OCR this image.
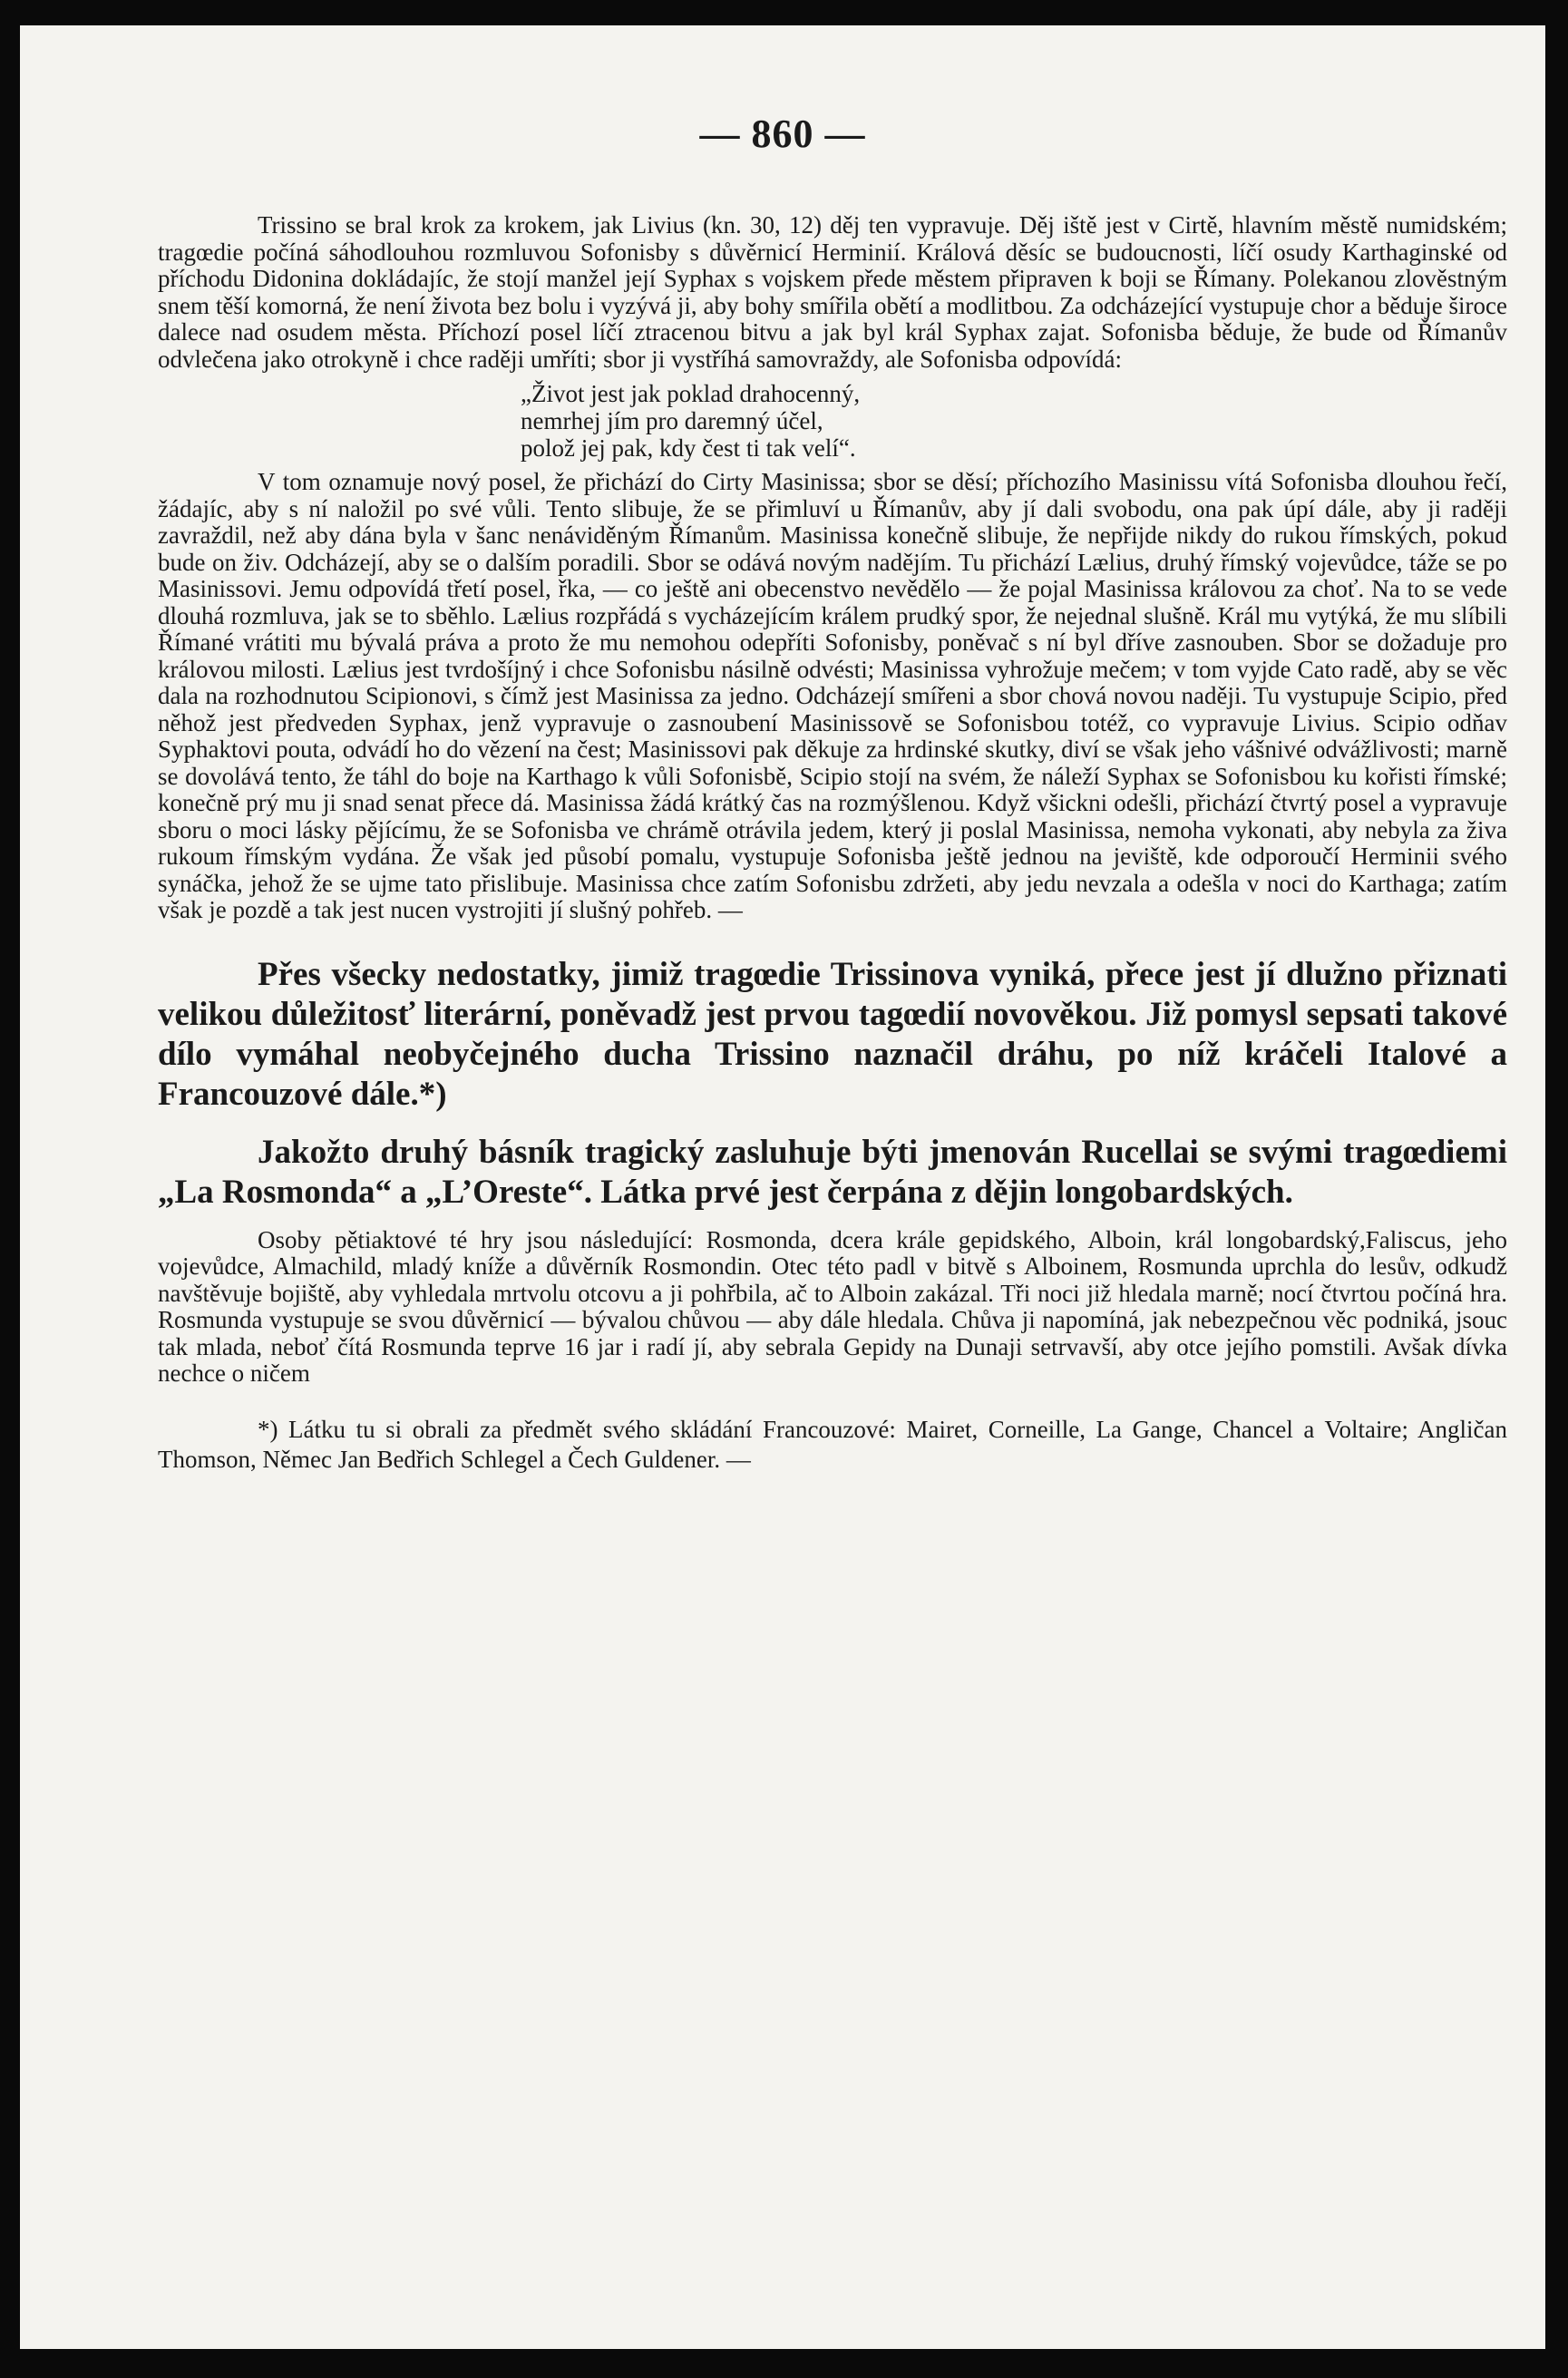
— 860 —

Trissino se bral krok za krokem, jak Livius (kn. 30, 12) děj ten vypravuje. Děj iště jest v Cirtě, hlavním městě numidském; tragœdie počíná sáhodlouhou rozmluvou Sofonisby s důvěrnicí Herminií. Králová děsíc se budoucnosti, líčí osudy Karthaginské od příchodu Didonina dokládajíc, že stojí manžel její Syphax s vojskem přede městem připraven k boji se Římany. Polekanou zlověstným snem těší komorná, že není života bez bolu i vyzývá ji, aby bohy smířila obětí a modlitbou. Za odcházející vystupuje chor a běduje široce dalece nad osudem města. Příchozí posel líčí ztracenou bitvu a jak byl král Syphax zajat. Sofonisba běduje, že bude od Římanův odvlečena jako otrokyně i chce raději umříti; sbor ji vystříhá samovraždy, ale Sofonisba odpovídá:

„Život jest jak poklad drahocenný,
nemrhej jím pro daremný účel,
polož jej pak, kdy čest ti tak velí“.

V tom oznamuje nový posel, že přichází do Cirty Masinissa; sbor se děsí; příchozího Masinissu vítá Sofonisba dlouhou řečí, žádajíc, aby s ní naložil po své vůli. Tento slibuje, že se přimluví u Římanův, aby jí dali svobodu, ona pak úpí dále, aby ji raději zavraždil, než aby dána byla v šanc nenáviděným Římanům. Masinissa konečně slibuje, že nepřijde nikdy do rukou římských, pokud bude on živ. Odcházejí, aby se o dalším poradili. Sbor se odává novým nadějím. Tu přichází Lælius, druhý římský vojevůdce, táže se po Masinissovi. Jemu odpovídá třetí posel, řka, — co ještě ani obecenstvo nevědělo — že pojal Masinissa královou za choť. Na to se vede dlouhá rozmluva, jak se to sběhlo. Lælius rozpřádá s vycházejícím králem prudký spor, že nejednal slušně. Král mu vytýká, že mu slíbili Římané vrátiti mu bývalá práva a proto že mu nemohou odepříti Sofonisby, poněvač s ní byl dříve zasnouben. Sbor se dožaduje pro královou milosti. Lælius jest tvrdošíjný i chce Sofonisbu násilně odvésti; Masinissa vyhrožuje mečem; v tom vyjde Cato radě, aby se věc dala na rozhodnutou Scipionovi, s čímž jest Masinissa za jedno. Odcházejí smířeni a sbor chová novou naději. Tu vystupuje Scipio, před něhož jest předveden Syphax, jenž vypravuje o zasnoubení Masinissově se Sofonisbou totéž, co vypravuje Livius. Scipio odňav Syphaktovi pouta, odvádí ho do vězení na čest; Masinissovi pak děkuje za hrdinské skutky, diví se však jeho vášnivé odvážlivosti; marně se dovolává tento, že táhl do boje na Karthago k vůli Sofonisbě, Scipio stojí na svém, že náleží Syphax se Sofonisbou ku kořisti římské; konečně prý mu ji snad senat přece dá. Masinissa žádá krátký čas na rozmýšlenou. Když všickni odešli, přichází čtvrtý posel a vypravuje sboru o moci lásky pějícímu, že se Sofonisba ve chrámě otrávila jedem, který ji poslal Masinissa, nemoha vykonati, aby nebyla za živa rukoum římským vydána. Že však jed působí pomalu, vystupuje Sofonisba ještě jednou na jeviště, kde odporoučí Herminii svého synáčka, jehož že se ujme tato přislibuje. Masinissa chce zatím Sofonisbu zdržeti, aby jedu nevzala a odešla v noci do Karthaga; zatím však je pozdě a tak jest nucen vystrojiti jí slušný pohřeb. —

Přes všecky nedostatky, jimiž tragœdie Trissinova vyniká, přece jest jí dlužno přiznati velikou důležitosť literární, poněvadž jest prvou tagœdií novověkou. Již pomysl sepsati takové dílo vymáhal neobyčejného ducha Trissino naznačil dráhu, po níž kráčeli Italové a Francouzové dále.*)

Jakožto druhý básník tragický zasluhuje býti jmenován Rucellai se svými tragœdiemi „La Rosmonda“ a „L’Oreste“. Látka prvé jest čerpána z dějin longobardských.

Osoby pětiaktové té hry jsou následující: Rosmonda, dcera krále gepidského, Alboin, král longobardský,Faliscus, jeho vojevůdce, Almachild, mladý kníže a důvěrník Rosmondin. Otec této padl v bitvě s Alboinem, Rosmunda uprchla do lesův, odkudž navštěvuje bojiště, aby vyhledala mrtvolu otcovu a ji pohřbila, ač to Alboin zakázal. Tři noci již hledala marně; nocí čtvrtou počíná hra. Rosmunda vystupuje se svou důvěrnicí — bývalou chůvou — aby dále hledala. Chůva ji napomíná, jak nebezpečnou věc podniká, jsouc tak mlada, neboť čítá Rosmunda teprve 16 jar i radí jí, aby sebrala Gepidy na Dunaji setrvavší, aby otce jejího pomstili. Avšak dívka nechce o ničem

*) Látku tu si obrali za předmět svého skládání Francouzové: Mairet, Corneille, La Gange, Chancel a Voltaire; Angličan Thomson, Němec Jan Bedřich Schlegel a Čech Guldener. —
